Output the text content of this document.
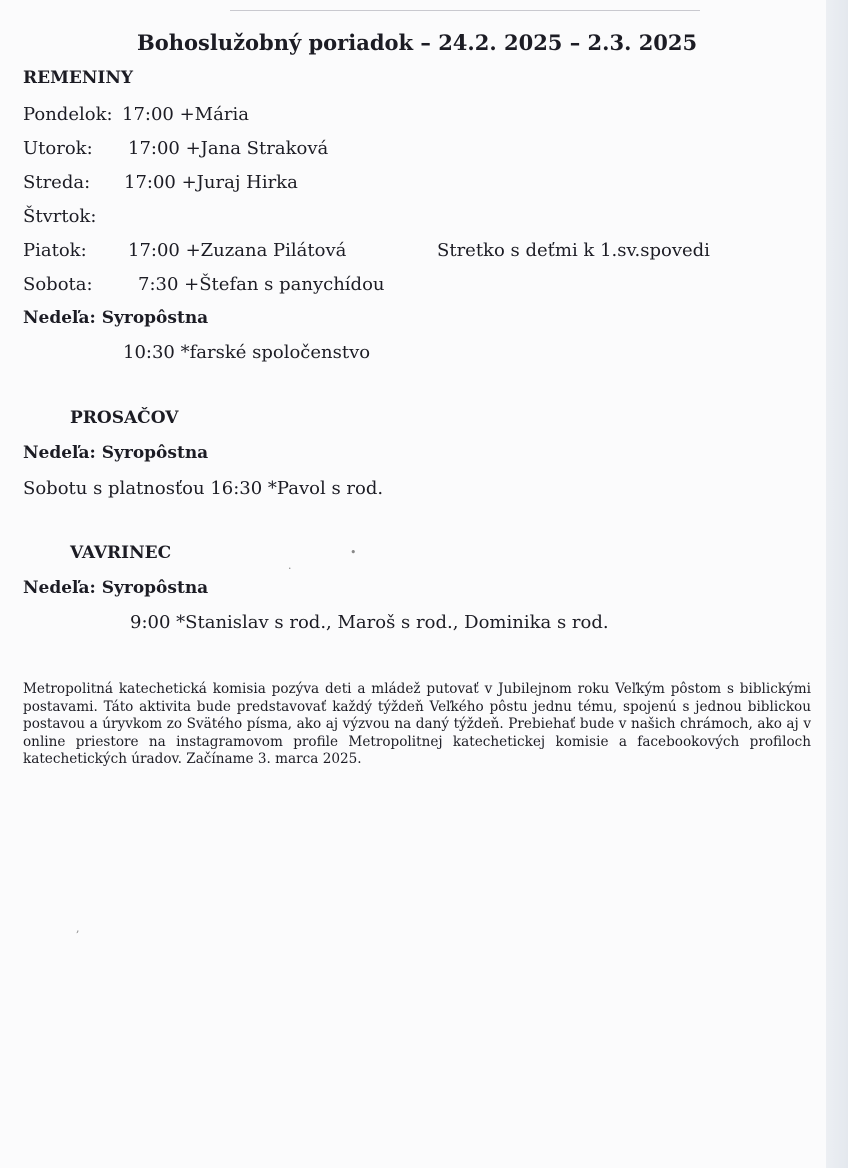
Bohoslužobný poriadok – 24.2. 2025 – 2.3. 2025
REMENINY
Pondelok: 17:00 +Mária
Utorok: 17:00 +Jana Straková
Streda: 17:00 +Juraj Hirka
Štvrtok:
Piatok: 17:00 +Zuzana Pilátová	Stretko s deťmi k 1.sv.spovedi
Sobota:	7:30 +Štefan s panychídou
Nedeľa: Syropôstna
10:30 *farské spoločenstvo
PROSAČOV
Nedeľa: Syropôstna
Sobotu s platnosťou 16:30 *Pavol s rod.
VAVRINEC
Nedeľa: Syropôstna
9:00 *Stanislav s rod., Maroš s rod., Dominika s rod.
Metropolitná katechetická komisia pozýva deti a mládež putovať v Jubilejnom roku Veľkým pôstom s biblickými postavami. Táto aktivita bude predstavovať každý týždeň Veľkého pôstu jednu tému, spojenú s jednou biblickou postavou a úryvkom zo Svätého písma, ako aj výzvou na daný týždeň. Prebiehať bude v našich chrámoch, ako aj v online priestore na instagramovom profile Metropolitnej katechetickej komisie a facebookových profiloch katechetických úradov. Začíname 3. marca 2025.
•
·
,
